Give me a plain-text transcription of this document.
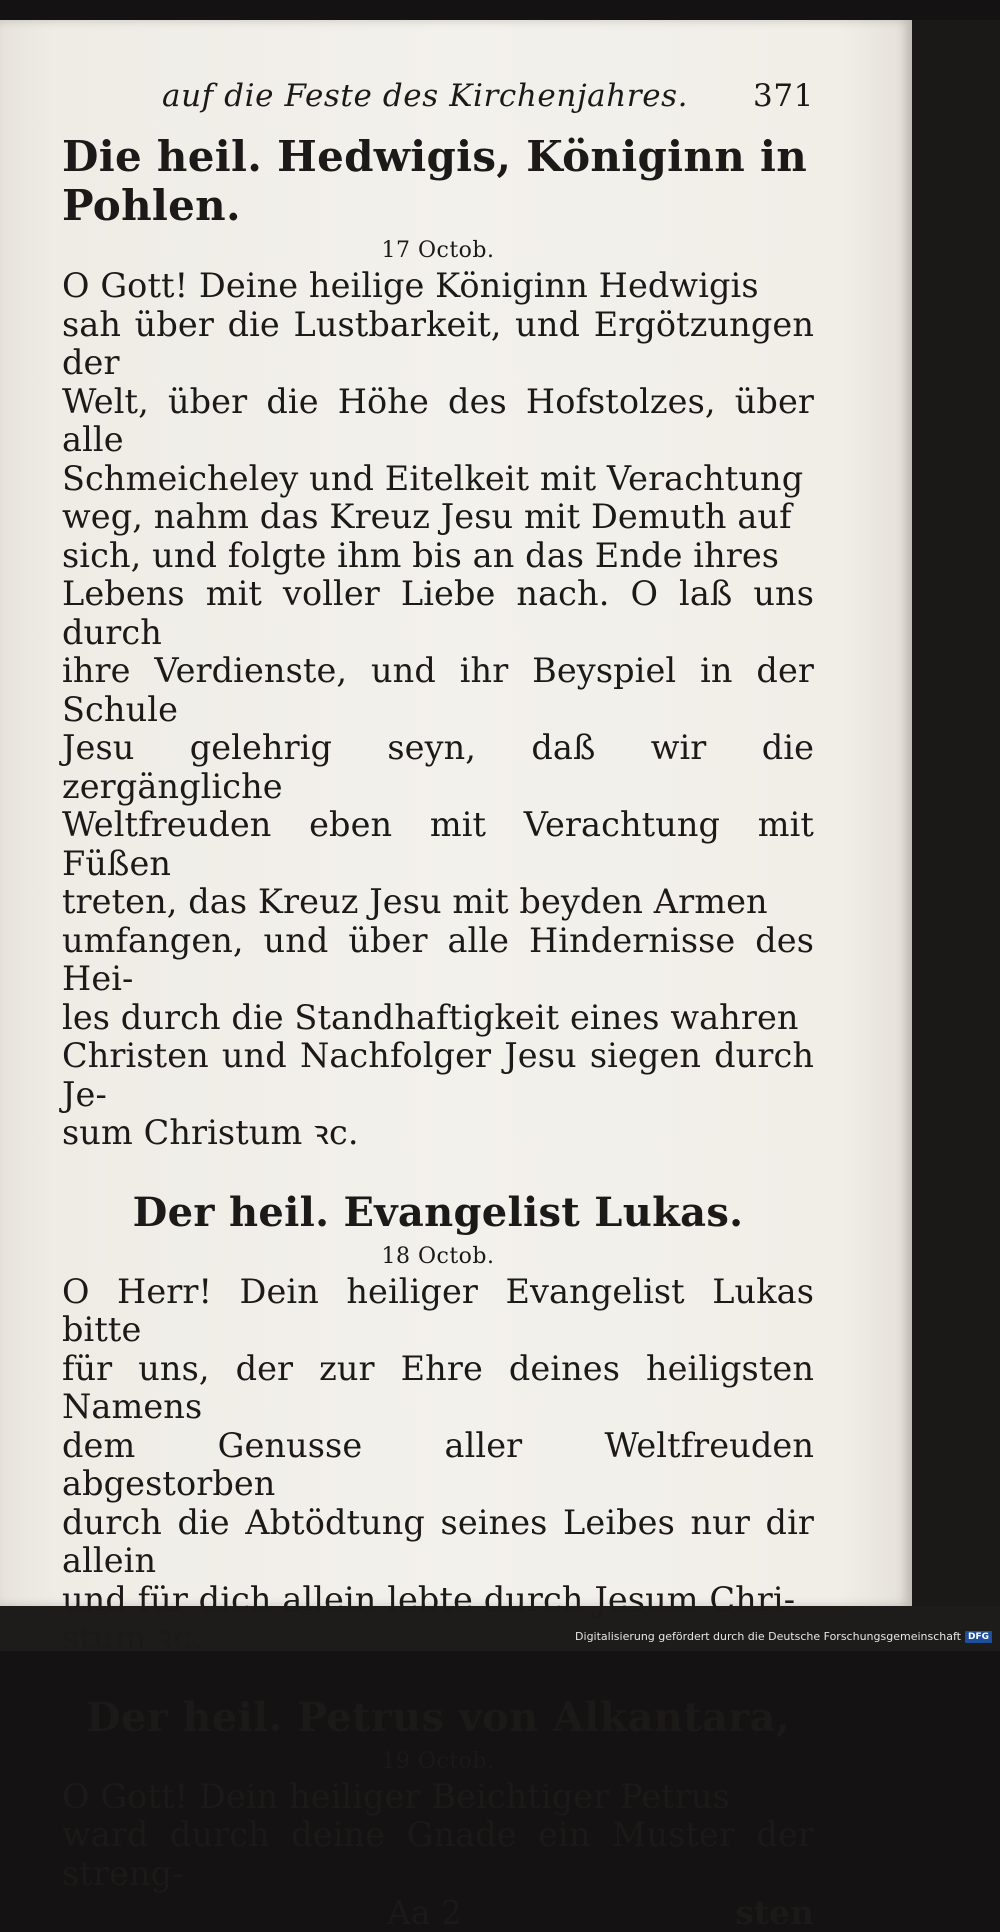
auf die Feste des Kirchenjahres. 371
Die heil. Hedwigis, Königinn in Pohlen.
17 Octob.
O Gott! Deine heilige Königinn Hedwigis
sah über die Lustbarkeit, und Ergötzungen der
Welt, über die Höhe des Hofstolzes, über alle
Schmeicheley und Eitelkeit mit Verachtung
weg, nahm das Kreuz Jesu mit Demuth auf
sich, und folgte ihm bis an das Ende ihres
Lebens mit voller Liebe nach. O laß uns durch
ihre Verdienste, und ihr Beyspiel in der Schule
Jesu gelehrig seyn, daß wir die zergängliche
Weltfreuden eben mit Verachtung mit Füßen
treten, das Kreuz Jesu mit beyden Armen
umfangen, und über alle Hindernisse des Hei-
les durch die Standhaftigkeit eines wahren
Christen und Nachfolger Jesu siegen durch Je-
sum Christum ꝛc.
Der heil. Evangelist Lukas.
18 Octob.
O Herr! Dein heiliger Evangelist Lukas bitte
für uns, der zur Ehre deines heiligsten Namens
dem Genusse aller Weltfreuden abgestorben
durch die Abtödtung seines Leibes nur dir allein
und für dich allein lebte durch Jesum Chri-
stum ꝛc.
Der heil. Petrus von Alkantara,
19 Octob.
O Gott! Dein heiliger Beichtiger Petrus
ward durch deine Gnade ein Muster der streng-
Aa 2	sten
Digitalisierung gefördert durch die Deutsche Forschungsgemeinschaft DFG
